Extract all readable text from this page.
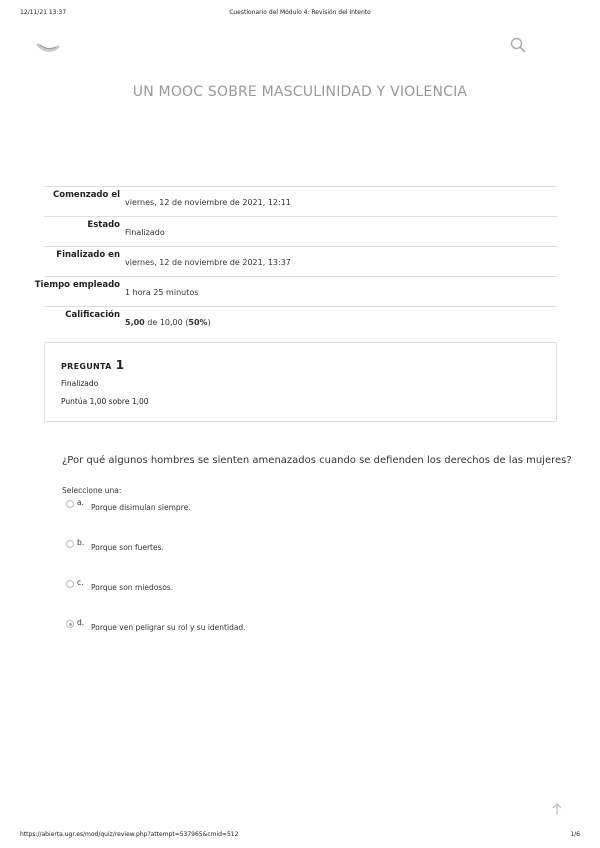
12/11/21 13:37	Cuestionario del Módulo 4: Revisión del intento
UN MOOC SOBRE MASCULINIDAD Y VIOLENCIA
Comenzado el
viernes, 12 de noviembre de 2021, 12:11
Estado
Finalizado
Finalizado en
viernes, 12 de noviembre de 2021, 13:37
Tiempo empleado
1 hora 25 minutos
Calificación
5,00 de 10,00 (50%)
PREGUNTA 1
Finalizado
Puntúa 1,00 sobre 1,00
¿Por qué algunos hombres se sienten amenazados cuando se defienden los derechos de las mujeres?
Seleccione una:
a.
Porque disimulan siempre.
b.
Porque son fuertes.
c.
Porque son miedosos.
d.
Porque ven peligrar su rol y su identidad.
https://abierta.ugr.es/mod/quiz/review.php?attempt=537965&cmid=512	1/6
